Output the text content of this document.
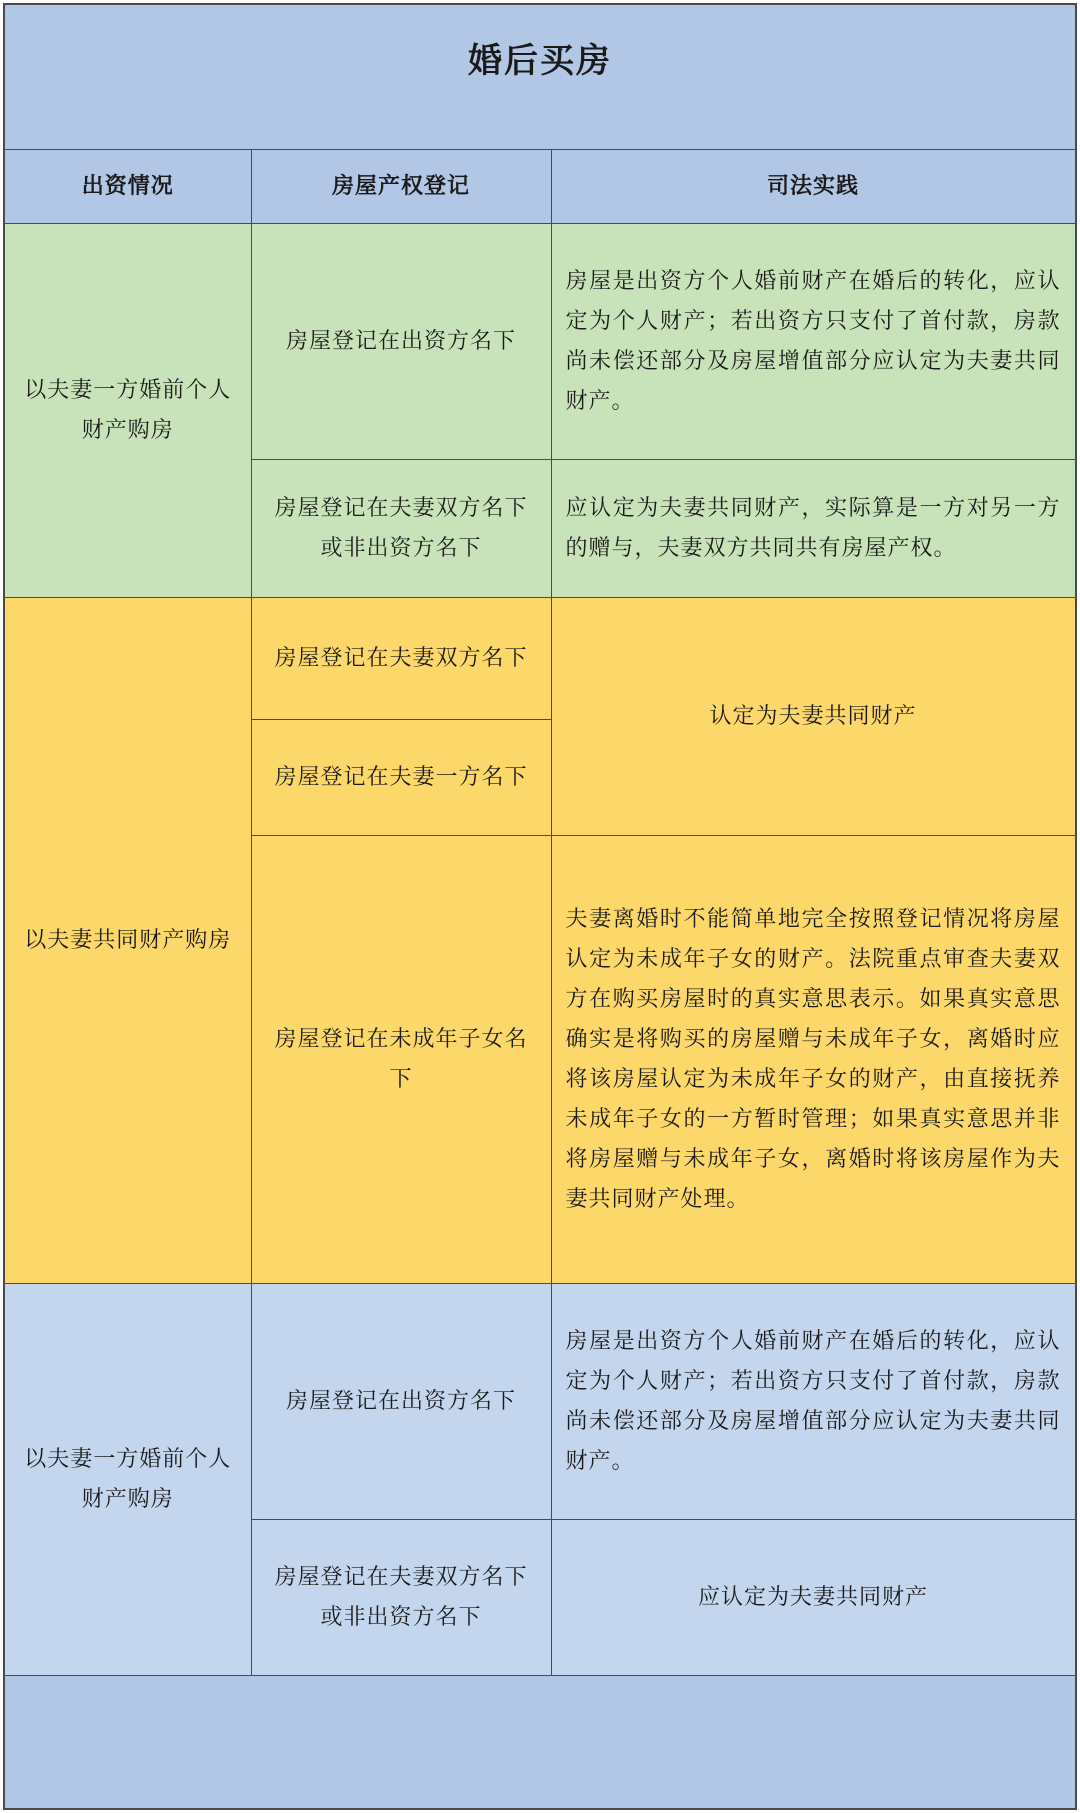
婚后买房
出资情况	房屋产权登记	司法实践
以夫妻一方婚前个人财产购房	房屋登记在出资方名下	房屋是出资方个人婚前财产在婚后的转化，应认定为个人财产；若出资方只支付了首付款，房款尚未偿还部分及房屋增值部分应认定为夫妻共同财产。
	房屋登记在夫妻双方名下或非出资方名下	应认定为夫妻共同财产，实际算是一方对另一方的赠与，夫妻双方共同共有房屋产权。
以夫妻共同财产购房	房屋登记在夫妻双方名下	认定为夫妻共同财产
	房屋登记在夫妻一方名下	
	房屋登记在未成年子女名下	夫妻离婚时不能简单地完全按照登记情况将房屋认定为未成年子女的财产。法院重点审查夫妻双方在购买房屋时的真实意思表示。如果真实意思确实是将购买的房屋赠与未成年子女，离婚时应将该房屋认定为未成年子女的财产，由直接抚养未成年子女的一方暂时管理；如果真实意思并非将房屋赠与未成年子女，离婚时将该房屋作为夫妻共同财产处理。
以夫妻一方婚前个人财产购房	房屋登记在出资方名下	房屋是出资方个人婚前财产在婚后的转化，应认定为个人财产；若出资方只支付了首付款，房款尚未偿还部分及房屋增值部分应认定为夫妻共同财产。
	房屋登记在夫妻双方名下或非出资方名下	应认定为夫妻共同财产
